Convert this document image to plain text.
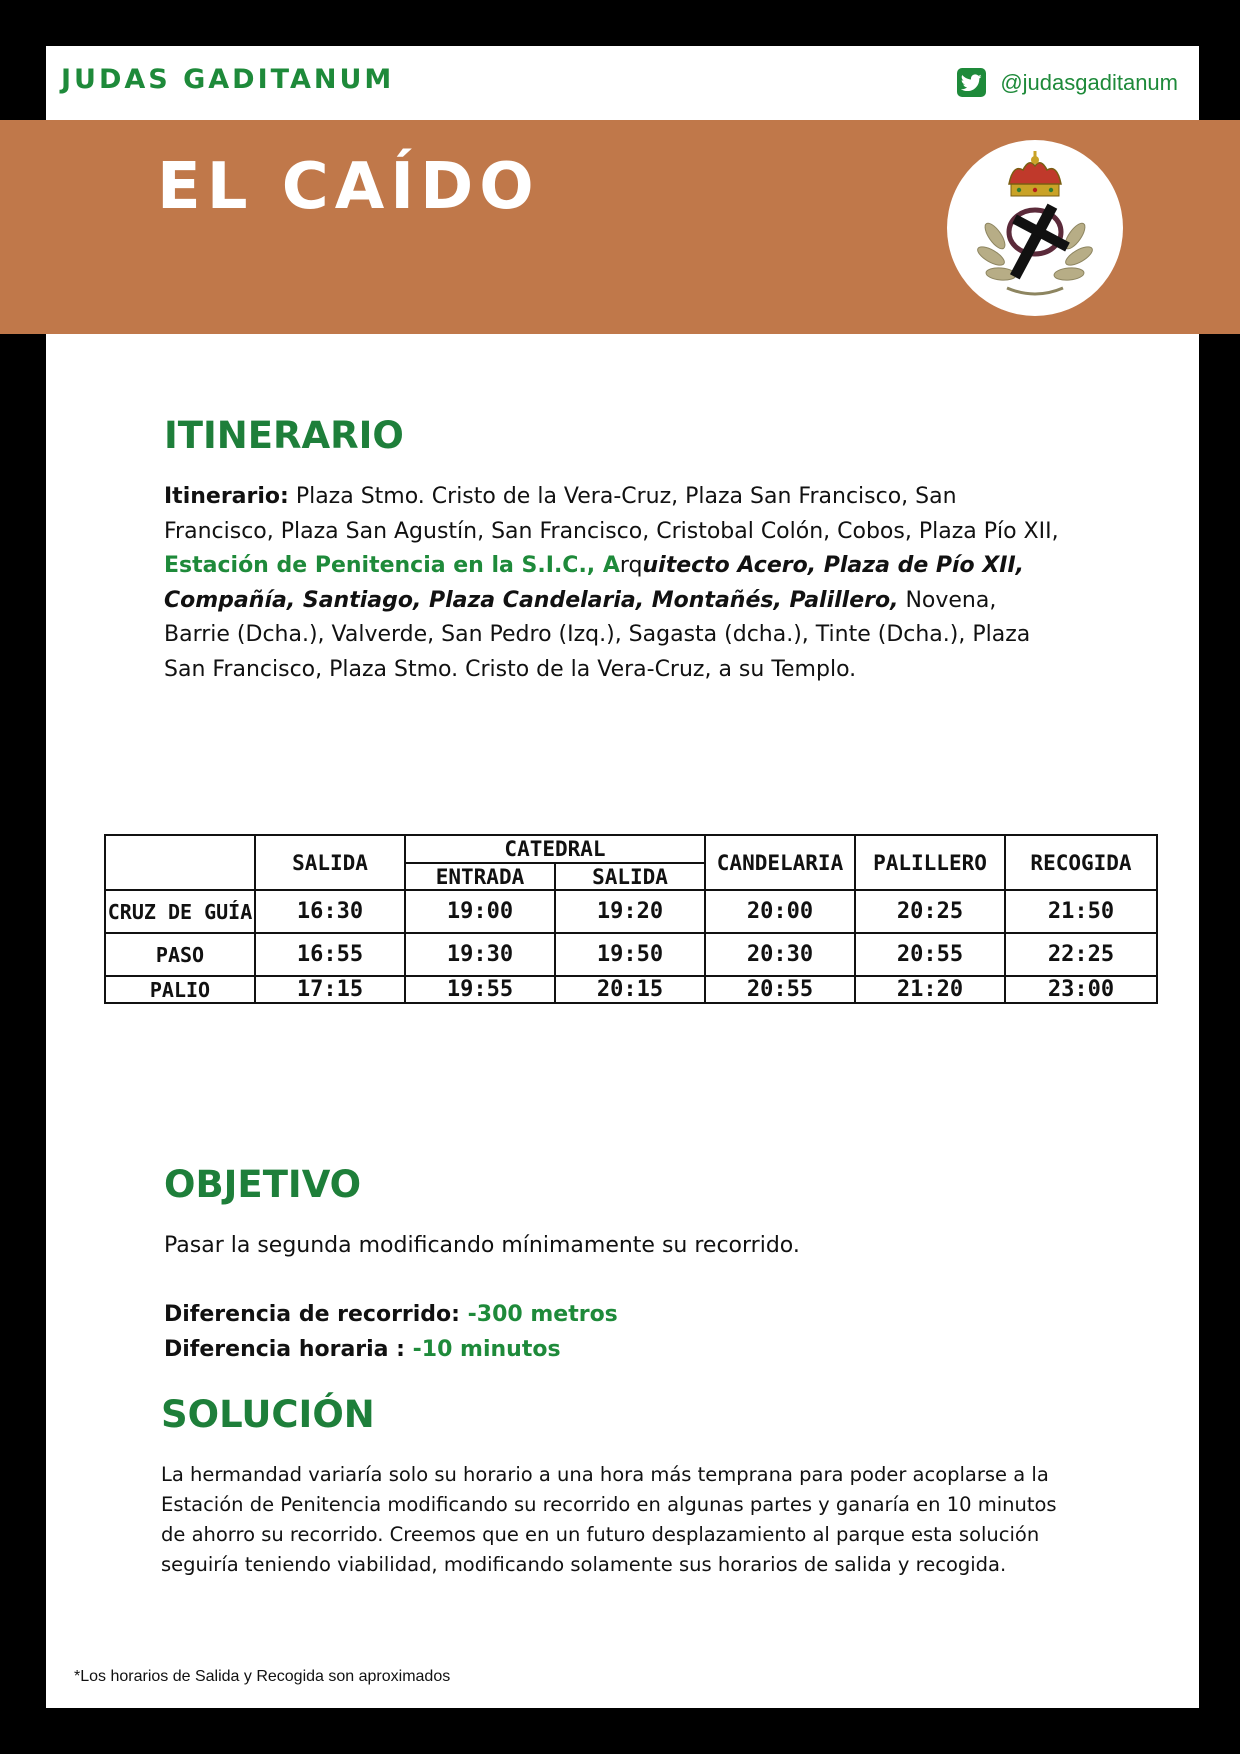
JUDAS GADITANUM	@judasgaditanum
EL CAÍDO
ITINERARIO
Itinerario: Plaza Stmo. Cristo de la Vera-Cruz, Plaza San Francisco, San Francisco, Plaza San Agustín, San Francisco, Cristobal Colón, Cobos, Plaza Pío XII, Estación de Penitencia en la S.I.C., Arquitecto Acero, Plaza de Pío XII, Compañía, Santiago, Plaza Candelaria, Montañés, Palillero, Novena, Barrie (Dcha.), Valverde, San Pedro (Izq.), Sagasta (dcha.), Tinte (Dcha.), Plaza San Francisco, Plaza Stmo. Cristo de la Vera-Cruz, a su Templo.
	SALIDA	CATEDRAL		CANDELARIA	PALILLERO	RECOGIDA
		ENTRADA	SALIDA			
CRUZ DE GUÍA	16:30	19:00	19:20	20:00	20:25	21:50
PASO	16:55	19:30	19:50	20:30	20:55	22:25
PALIO	17:15	19:55	20:15	20:55	21:20	23:00
OBJETIVO
Pasar la segunda modificando mínimamente su recorrido.
Diferencia de recorrido: -300 metros
Diferencia horaria : -10 minutos
SOLUCIÓN
La hermandad variaría solo su horario a una hora más temprana para poder acoplarse a la Estación de Penitencia modificando su recorrido en algunas partes y ganaría en 10 minutos de ahorro su recorrido. Creemos que en un futuro desplazamiento al parque esta solución seguiría teniendo viabilidad, modificando solamente sus horarios de salida y recogida.
*Los horarios de Salida y Recogida son aproximados
